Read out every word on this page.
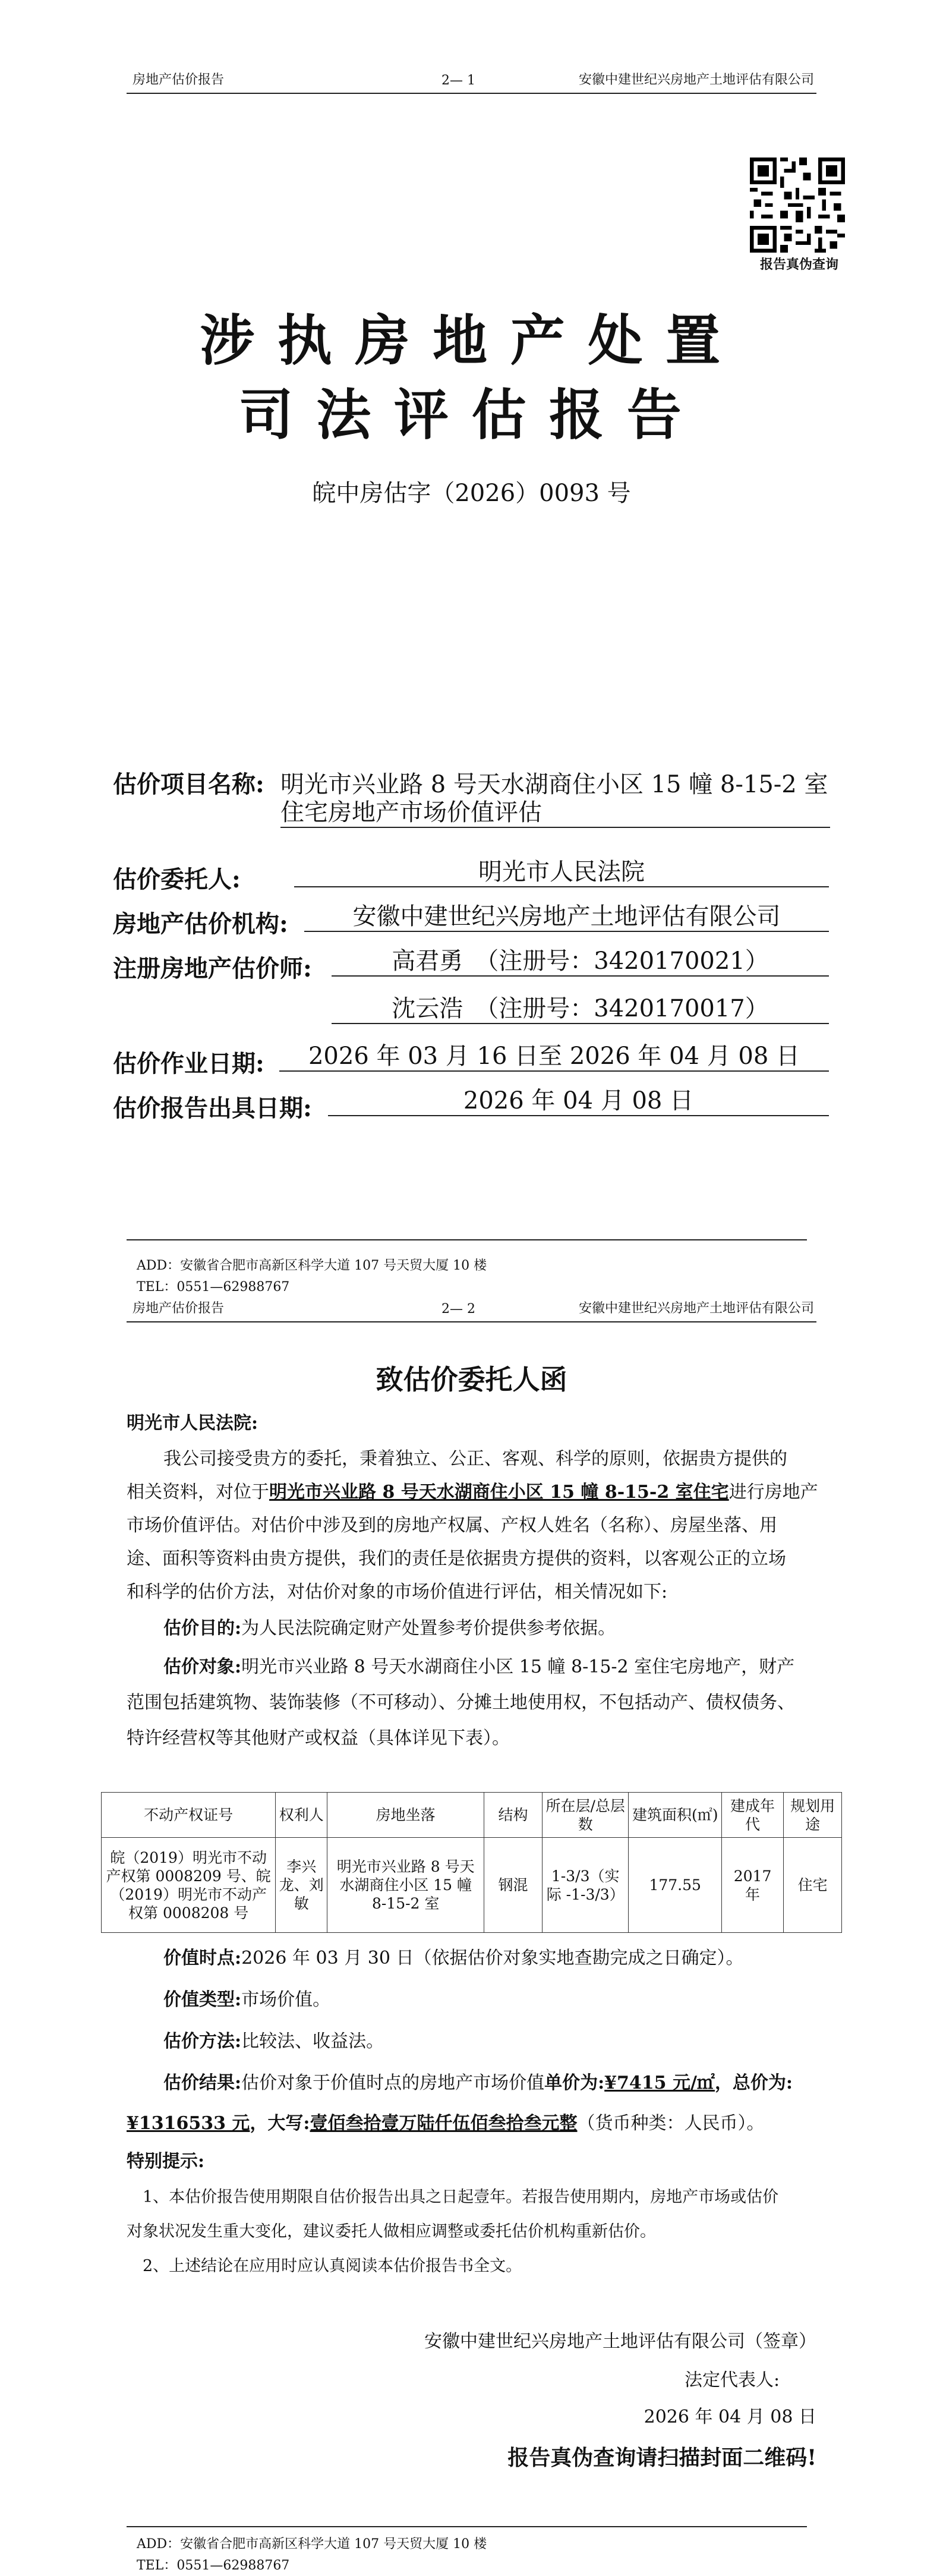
房地产估价报告	2— 1	安徽中建世纪兴房地产土地评估有限公司
报告真伪查询
涉执房地产处置
司法评估报告
皖中房估字（2026）0093 号
估价项目名称: 明光市兴业路 8 号天水湖商住小区 15 幢 8-15-2 室
住宅房地产市场价值评估
估价委托人:	明光市人民法院
房地产估价机构:	安徽中建世纪兴房地产土地评估有限公司
注册房地产估价师:	高君勇　（注册号：3420170021）
沈云浩　（注册号：3420170017）
估价作业日期:	2026 年 03 月 16 日至 2026 年 04 月 08 日
估价报告出具日期:	2026 年 04 月 08 日
ADD：安徽省合肥市高新区科学大道 107 号天贸大厦 10 楼
TEL：0551—62988767
房地产估价报告	2— 2	安徽中建世纪兴房地产土地评估有限公司
致估价委托人函
明光市人民法院:
我公司接受贵方的委托，秉着独立、公正、客观、科学的原则，依据贵方提供的
相关资料，对位于明光市兴业路 8 号天水湖商住小区 15 幢 8-15-2 室住宅进行房地产
市场价值评估。对估价中涉及到的房地产权属、产权人姓名（名称）、房屋坐落、用
途、面积等资料由贵方提供，我们的责任是依据贵方提供的资料，以客观公正的立场
和科学的估价方法，对估价对象的市场价值进行评估，相关情况如下:
估价目的:为人民法院确定财产处置参考价提供参考依据。
估价对象:明光市兴业路 8 号天水湖商住小区 15 幢 8-15-2 室住宅房地产，财产
范围包括建筑物、装饰装修（不可移动）、分摊土地使用权，不包括动产、债权债务、
特许经营权等其他财产或权益（具体详见下表）。
不动产权证号	权利人	房地坐落	结构	所在层/总层数	建筑面积(㎡)	建成年代	规划用途
皖（2019）明光市不动产权第 0008209 号、皖（2019）明光市不动产权第 0008208 号	李兴龙、刘敏	明光市兴业路 8 号天水湖商住小区 15 幢 8-15-2 室	钢混	1-3/3（实际 -1-3/3）	177.55	2017 年	住宅
价值时点:2026 年 03 月 30 日（依据估价对象实地查勘完成之日确定）。
价值类型:市场价值。
估价方法:比较法、收益法。
估价结果:估价对象于价值时点的房地产市场价值单价为:¥7415 元/㎡，总价为:
¥1316533 元，大写:壹佰叁拾壹万陆仟伍佰叁拾叁元整（货币种类：人民币）。
特别提示:
1、本估价报告使用期限自估价报告出具之日起壹年。若报告使用期内，房地产市场或估价
对象状况发生重大变化，建议委托人做相应调整或委托估价机构重新估价。
2、上述结论在应用时应认真阅读本估价报告书全文。
安徽中建世纪兴房地产土地评估有限公司（签章）
法定代表人:
2026 年 04 月 08 日
报告真伪查询请扫描封面二维码!
ADD：安徽省合肥市高新区科学大道 107 号天贸大厦 10 楼
TEL：0551—62988767
